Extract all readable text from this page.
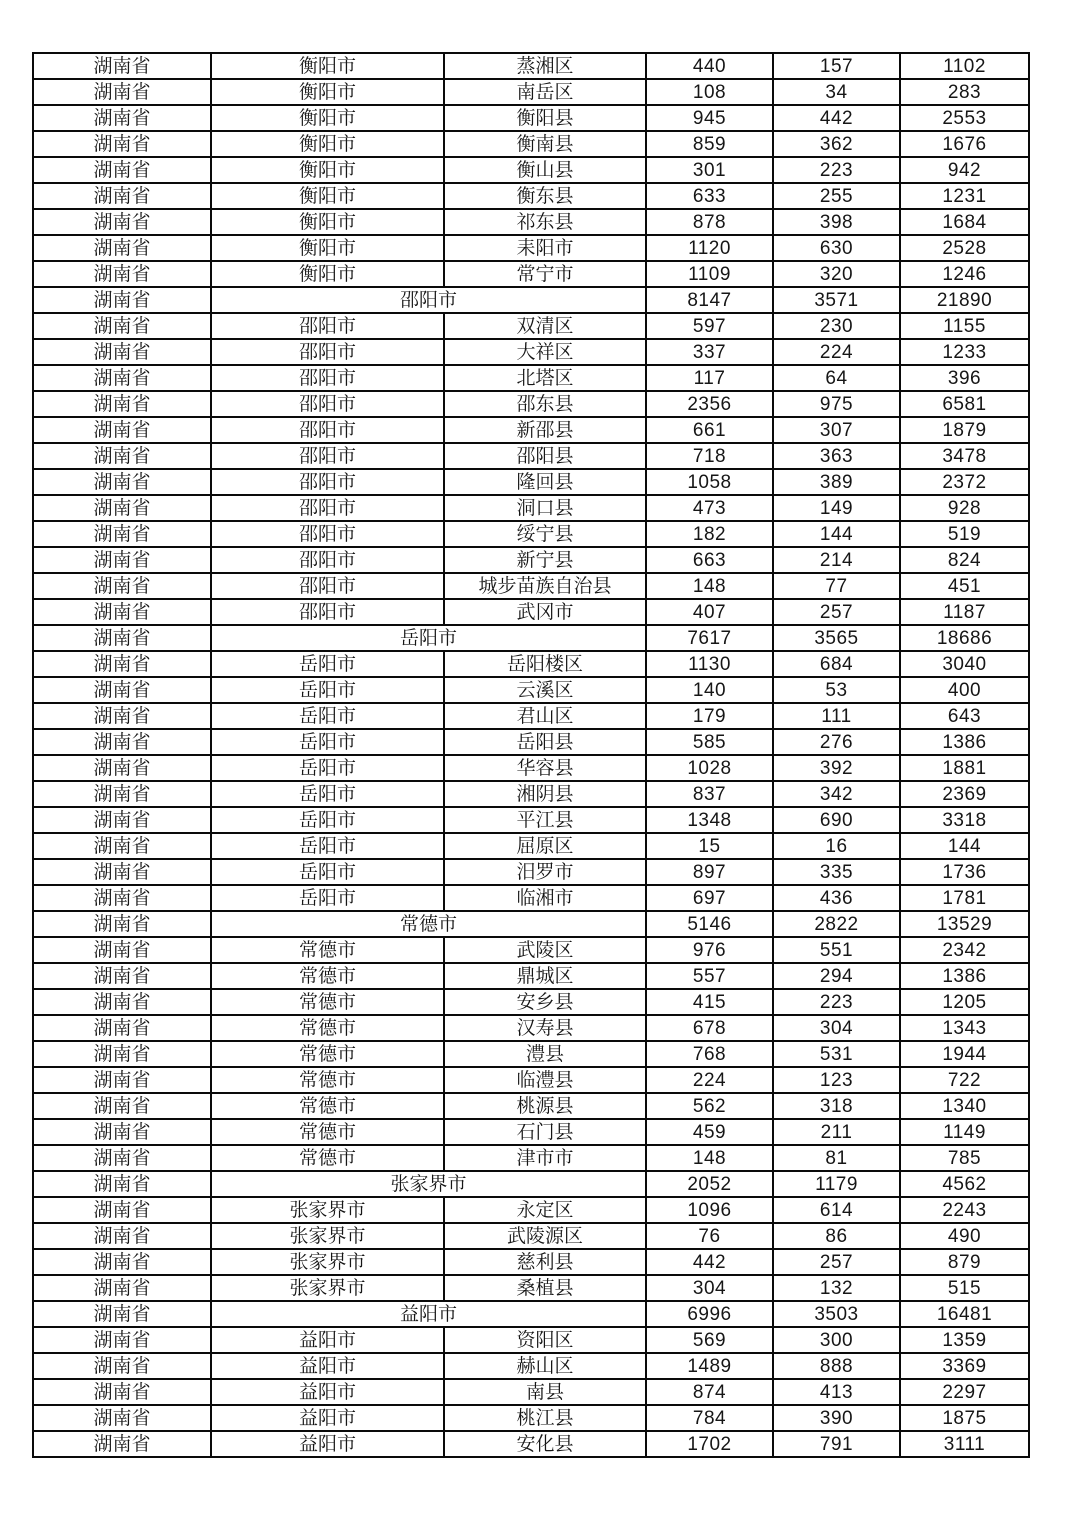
湖南省	衡阳市	蒸湘区	440	157	1102
湖南省	衡阳市	南岳区	108	34	283
湖南省	衡阳市	衡阳县	945	442	2553
湖南省	衡阳市	衡南县	859	362	1676
湖南省	衡阳市	衡山县	301	223	942
湖南省	衡阳市	衡东县	633	255	1231
湖南省	衡阳市	祁东县	878	398	1684
湖南省	衡阳市	耒阳市	1120	630	2528
湖南省	衡阳市	常宁市	1109	320	1246
湖南省	邵阳市		8147	3571	21890
湖南省	邵阳市	双清区	597	230	1155
湖南省	邵阳市	大祥区	337	224	1233
湖南省	邵阳市	北塔区	117	64	396
湖南省	邵阳市	邵东县	2356	975	6581
湖南省	邵阳市	新邵县	661	307	1879
湖南省	邵阳市	邵阳县	718	363	3478
湖南省	邵阳市	隆回县	1058	389	2372
湖南省	邵阳市	洞口县	473	149	928
湖南省	邵阳市	绥宁县	182	144	519
湖南省	邵阳市	新宁县	663	214	824
湖南省	邵阳市	城步苗族自治县	148	77	451
湖南省	邵阳市	武冈市	407	257	1187
湖南省	岳阳市		7617	3565	18686
湖南省	岳阳市	岳阳楼区	1130	684	3040
湖南省	岳阳市	云溪区	140	53	400
湖南省	岳阳市	君山区	179	111	643
湖南省	岳阳市	岳阳县	585	276	1386
湖南省	岳阳市	华容县	1028	392	1881
湖南省	岳阳市	湘阴县	837	342	2369
湖南省	岳阳市	平江县	1348	690	3318
湖南省	岳阳市	屈原区	15	16	144
湖南省	岳阳市	汨罗市	897	335	1736
湖南省	岳阳市	临湘市	697	436	1781
湖南省	常德市		5146	2822	13529
湖南省	常德市	武陵区	976	551	2342
湖南省	常德市	鼎城区	557	294	1386
湖南省	常德市	安乡县	415	223	1205
湖南省	常德市	汉寿县	678	304	1343
湖南省	常德市	澧县	768	531	1944
湖南省	常德市	临澧县	224	123	722
湖南省	常德市	桃源县	562	318	1340
湖南省	常德市	石门县	459	211	1149
湖南省	常德市	津市市	148	81	785
湖南省	张家界市		2052	1179	4562
湖南省	张家界市	永定区	1096	614	2243
湖南省	张家界市	武陵源区	76	86	490
湖南省	张家界市	慈利县	442	257	879
湖南省	张家界市	桑植县	304	132	515
湖南省	益阳市		6996	3503	16481
湖南省	益阳市	资阳区	569	300	1359
湖南省	益阳市	赫山区	1489	888	3369
湖南省	益阳市	南县	874	413	2297
湖南省	益阳市	桃江县	784	390	1875
湖南省	益阳市	安化县	1702	791	3111
